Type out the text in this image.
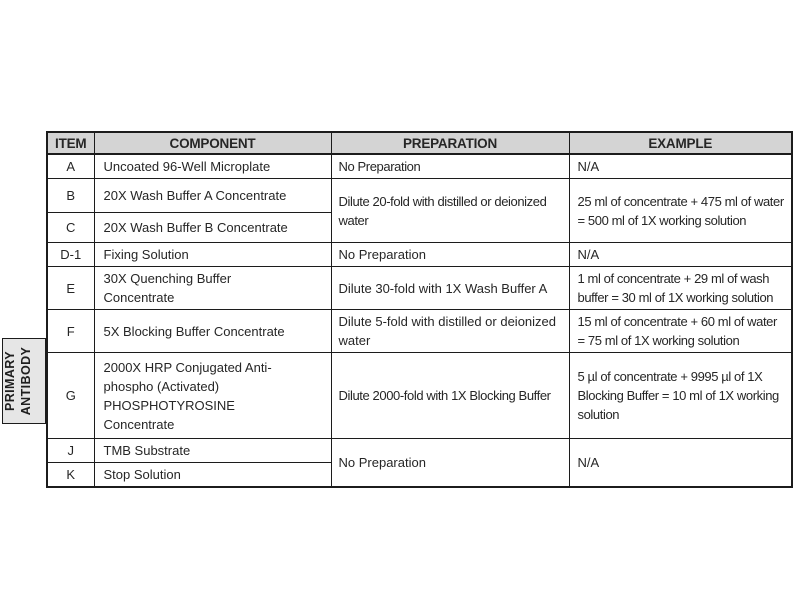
PRIMARY ANTIBODY
ITEM	COMPONENT	PREPARATION	EXAMPLE
A	Uncoated 96-Well Microplate	No Preparation	N/A
B	20X Wash Buffer A Concentrate	Dilute 20-fold with distilled or deionized water	25 ml of concentrate + 475 ml of water = 500 ml of 1X working solution
C	20X Wash Buffer B Concentrate		
D-1	Fixing Solution	No Preparation	N/A
E	30X Quenching Buffer Concentrate	Dilute 30-fold with 1X Wash Buffer A	1 ml of concentrate + 29 ml of wash buffer = 30 ml of 1X working solution
F	5X Blocking Buffer Concentrate	Dilute 5-fold with distilled or deionized water	15 ml of concentrate + 60 ml of water = 75 ml of 1X working solution
G	2000X HRP Conjugated Anti-phospho (Activated) PHOSPHOTYROSINE Concentrate	Dilute 2000-fold with 1X Blocking Buffer	5 µl of concentrate + 9995 µl of 1X Blocking Buffer = 10 ml of 1X working solution
J	TMB Substrate	No Preparation	N/A
K	Stop Solution		
